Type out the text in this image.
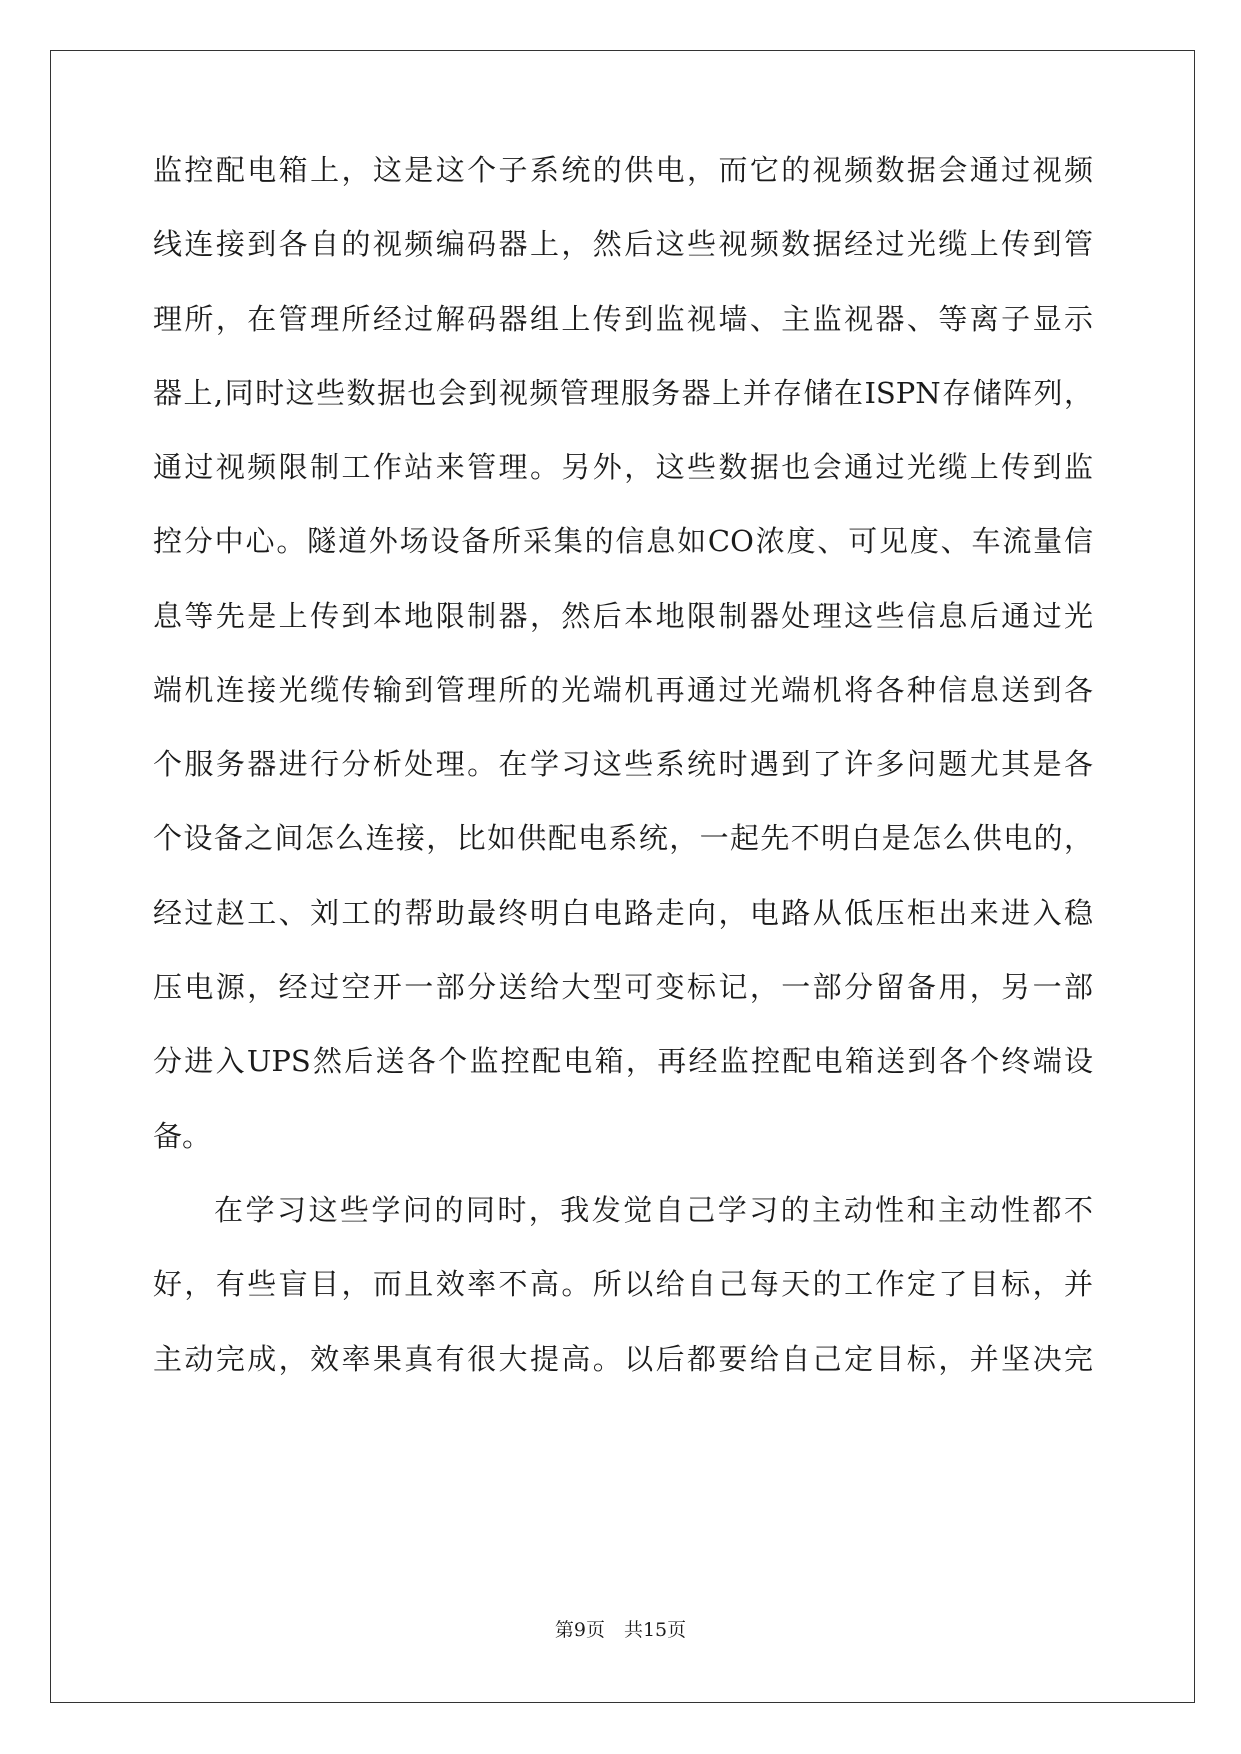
监控配电箱上，这是这个子系统的供电，而它的视频数据会通过视频
线连接到各自的视频编码器上，然后这些视频数据经过光缆上传到管
理所，在管理所经过解码器组上传到监视墙、主监视器、等离子显示
器上,同时这些数据也会到视频管理服务器上并存储在ISPN存储阵列，
通过视频限制工作站来管理。另外，这些数据也会通过光缆上传到监
控分中心。隧道外场设备所采集的信息如CO浓度、可见度、车流量信
息等先是上传到本地限制器，然后本地限制器处理这些信息后通过光
端机连接光缆传输到管理所的光端机再通过光端机将各种信息送到各
个服务器进行分析处理。在学习这些系统时遇到了许多问题尤其是各
个设备之间怎么连接，比如供配电系统，一起先不明白是怎么供电的，
经过赵工、刘工的帮助最终明白电路走向，电路从低压柜出来进入稳
压电源，经过空开一部分送给大型可变标记，一部分留备用，另一部
分进入UPS然后送各个监控配电箱，再经监控配电箱送到各个终端设
备。
在学习这些学问的同时，我发觉自己学习的主动性和主动性都不
好，有些盲目，而且效率不高。所以给自己每天的工作定了目标，并
主动完成，效率果真有很大提高。以后都要给自己定目标，并坚决完
第9页　共15页
